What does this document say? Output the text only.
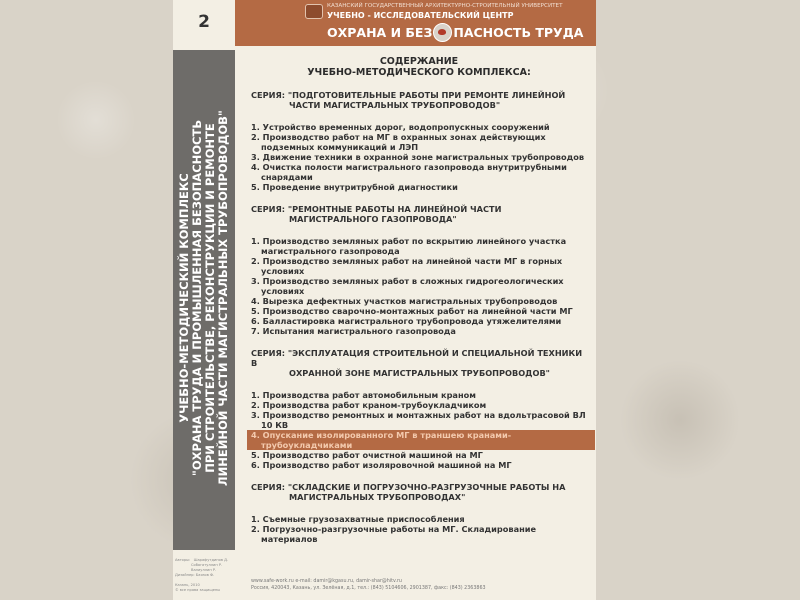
2
УЧЕБНО-МЕТОДИЧЕСКИЙ КОМПЛЕКС "ОХРАНА ТРУДА И ПРОМЫШЛЕННАЯ БЕЗОПАСНОСТЬ ПРИ СТРОИТЕЛЬСТВЕ, РЕКОНСТРУКЦИИ И РЕМОНТЕ ЛИНЕЙНОЙ ЧАСТИ МАГИСТРАЛЬНЫХ ТРУБОПРОВОДОВ"
Авторы:   Шарафутдинов Д.
Собагатуллин Р.
Валиуллин Р.
Дизайнер: Баязов Ф.
Казань, 2010
© все права защищены
КАЗАНСКИЙ ГОСУДАРСТВЕННЫЙ АРХИТЕКТУРНО-СТРОИТЕЛЬНЫЙ УНИВЕРСИТЕТ
УЧЕБНО - ИССЛЕДОВАТЕЛЬСКИЙ ЦЕНТР
ОХРАНА И БЕЗ ПАСНОСТЬ ТРУДА
СОДЕРЖАНИЕ
УЧЕБНО-МЕТОДИЧЕСКОГО КОМПЛЕКСА:
СЕРИЯ: "ПОДГОТОВИТЕЛЬНЫЕ РАБОТЫ ПРИ РЕМОНТЕ ЛИНЕЙНОЙ
ЧАСТИ МАГИСТРАЛЬНЫХ ТРУБОПРОВОДОВ"
1. Устройство временных дорог, водопропускных сооружений
2. Производство работ на МГ в охранных зонах действующих подземных коммуникаций и ЛЭП
3. Движение техники в охранной зоне магистральных трубопроводов
4. Очистка полости магистрального газопровода внутритрубными снарядами
5. Проведение внутритрубной диагностики
СЕРИЯ: "РЕМОНТНЫЕ РАБОТЫ НА ЛИНЕЙНОЙ ЧАСТИ
МАГИСТРАЛЬНОГО ГАЗОПРОВОДА"
1. Производство земляных работ по вскрытию линейного участка магистрального газопровода
2. Производство земляных работ на линейной части МГ в горных условиях
3. Производство земляных работ в сложных гидрогеологических условиях
4. Вырезка дефектных участков магистральных трубопроводов
5. Производство сварочно-монтажных работ на линейной части МГ
6. Балластировка магистрального трубопровода утяжелителями
7. Испытания магистрального газопровода
СЕРИЯ: "ЭКСПЛУАТАЦИЯ СТРОИТЕЛЬНОЙ И СПЕЦИАЛЬНОЙ ТЕХНИКИ В
ОХРАННОЙ ЗОНЕ МАГИСТРАЛЬНЫХ ТРУБОПРОВОДОВ"
1. Производства работ автомобильным краном
2. Производства работ краном-трубоукладчиком
3. Производство ремонтных и монтажных работ на вдольтрасовой ВЛ 10 КВ
4. Опускание изолированного МГ в траншею кранами-трубоукладчиками
5. Производство работ очистной машиной на МГ
6. Производство работ изоляровочной машиной на МГ
СЕРИЯ: "СКЛАДСКИЕ И ПОГРУЗОЧНО-РАЗГРУЗОЧНЫЕ РАБОТЫ НА
МАГИСТРАЛЬНЫХ ТРУБОПРОВОДАХ"
1. Съемные грузозахватные приспособления
2. Погрузочно-разгрузочные работы на МГ. Складирование материалов
www.safe-work.ru e-mail: damir@kgasu.ru, damir-shar@hitv.ru
Россия, 420043, Казань, ул. Зелёная, д.1, тел.: (843) 5104606, 2901387, факс: (843) 2363863
